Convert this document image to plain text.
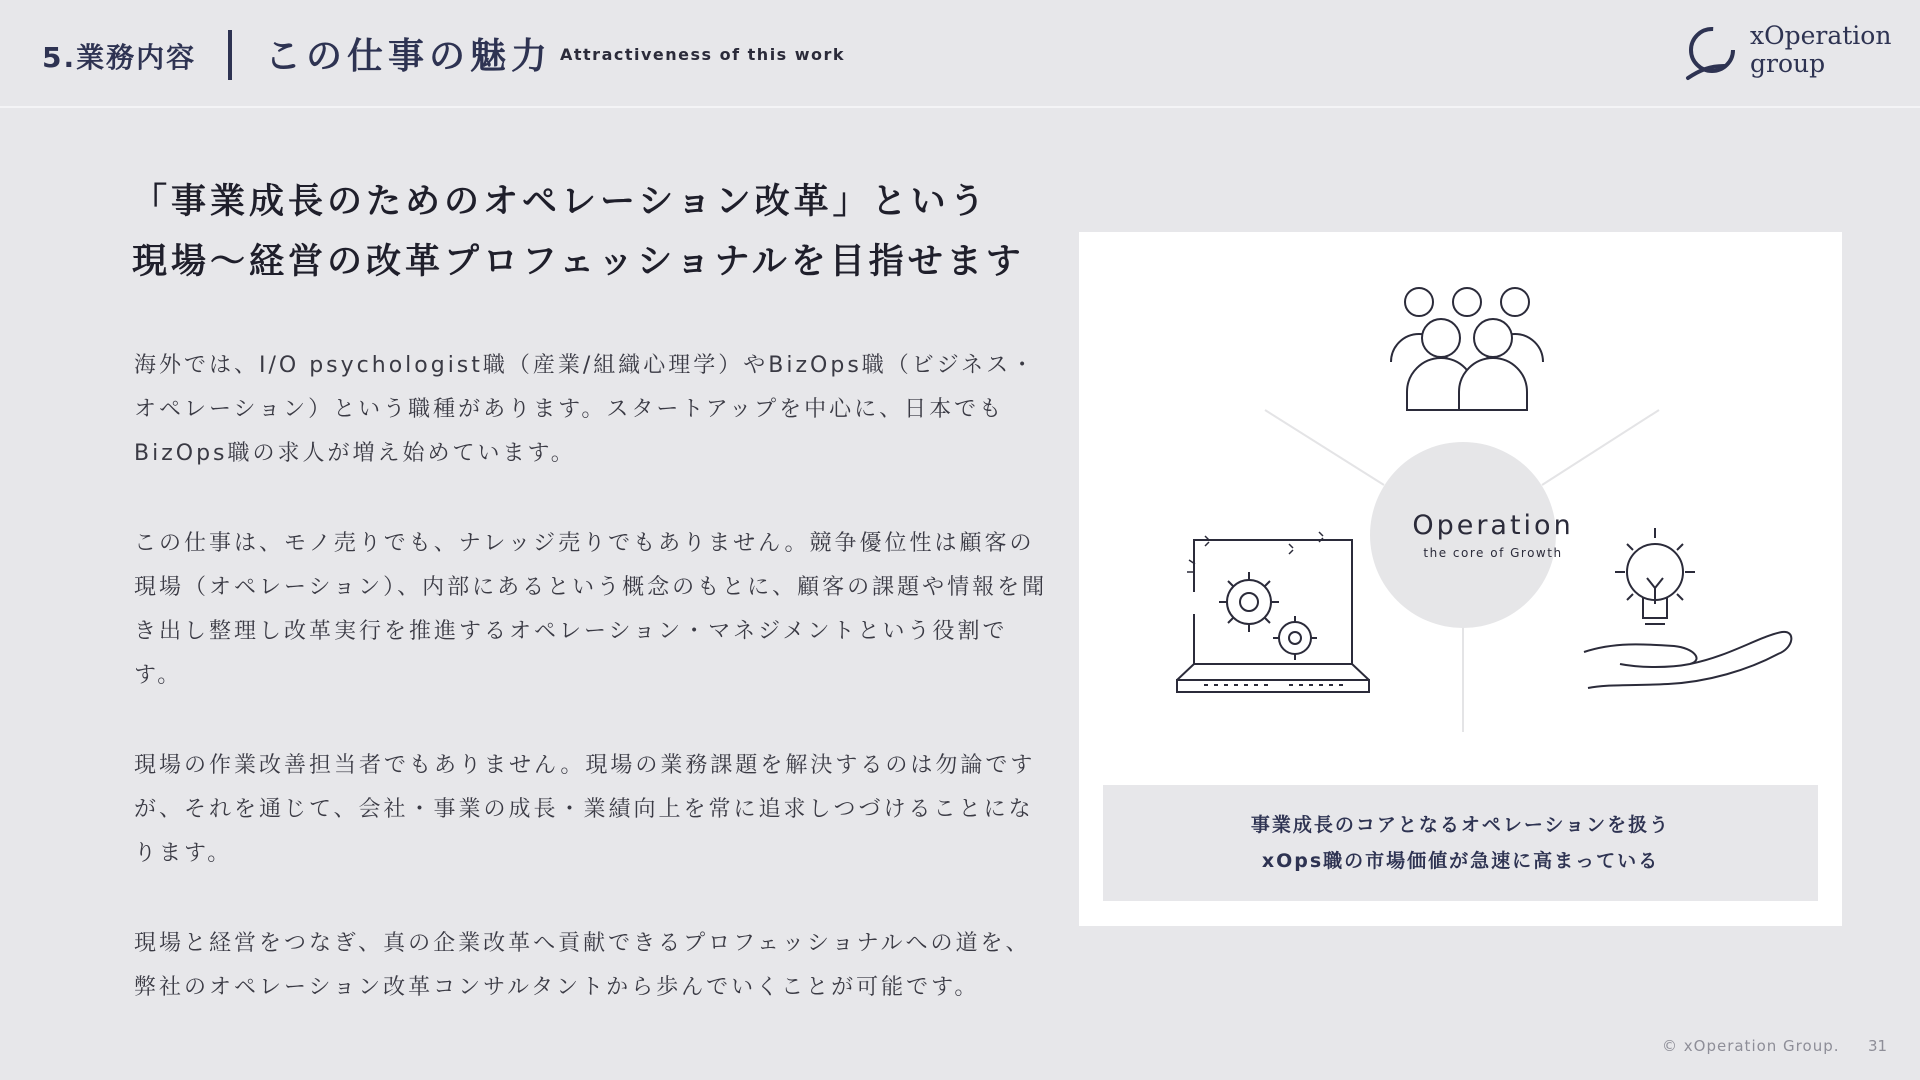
5.業務内容 この仕事の魅力 Attractiveness of this work
xOperation
group
「事業成長のためのオペレーション改革」という
現場〜経営の改革プロフェッショナルを目指せます

海外では、I/O psychologist職（産業/組織心理学）やBizOps職（ビジネス・オペレーション）という職種があります。スタートアップを中心に、日本でもBizOps職の求人が増え始めています。

この仕事は、モノ売りでも、ナレッジ売りでもありません。競争優位性は顧客の現場（オペレーション）、内部にあるという概念のもとに、顧客の課題や情報を聞き出し整理し改革実行を推進するオペレーション・マネジメントという役割です。

現場の作業改善担当者でもありません。現場の業務課題を解決するのは勿論ですが、それを通じて、会社・事業の成長・業績向上を常に追求しつづけることになります。

現場と経営をつなぎ、真の企業改革へ貢献できるプロフェッショナルへの道を、弊社のオペレーション改革コンサルタントから歩んでいくことが可能です。

Operation
the core of Growth
事業成長のコアとなるオペレーションを扱う
xOps職の市場価値が急速に高まっている
© xOperation Group. 31
